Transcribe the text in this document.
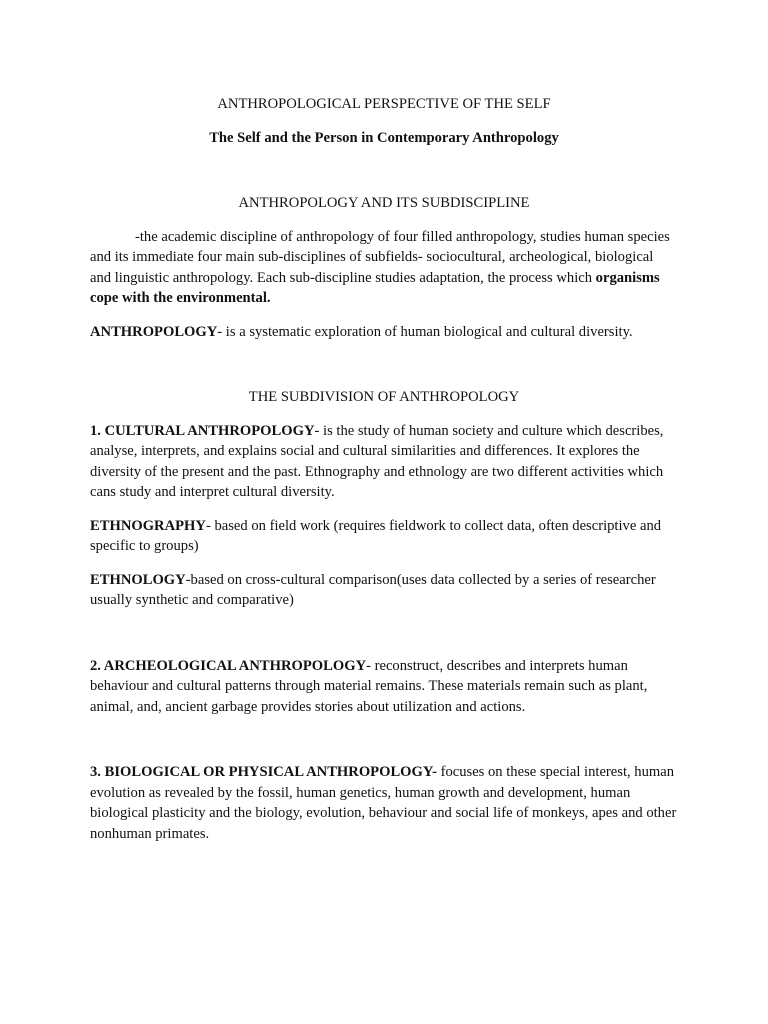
ANTHROPOLOGICAL PERSPECTIVE OF THE SELF

The Self and the Person in Contemporary Anthropology

ANTHROPOLOGY AND ITS SUBDISCIPLINE

-the academic discipline of anthropology of four filled anthropology, studies human species and its immediate four main sub-disciplines of subfields- sociocultural, archeological, biological and linguistic anthropology. Each sub-discipline studies adaptation, the process which organisms cope with the environmental.

ANTHROPOLOGY- is a systematic exploration of human biological and cultural diversity.

THE SUBDIVISION OF ANTHROPOLOGY

1. CULTURAL ANTHROPOLOGY- is the study of human society and culture which describes, analyse, interprets, and explains social and cultural similarities and differences. It explores the diversity of the present and the past. Ethnography and ethnology are two different activities which cans study and interpret cultural diversity.

ETHNOGRAPHY- based on field work (requires fieldwork to collect data, often descriptive and specific to groups)

ETHNOLOGY-based on cross-cultural comparison(uses data collected by a series of researcher usually synthetic and comparative)

2. ARCHEOLOGICAL ANTHROPOLOGY- reconstruct, describes and interprets human behaviour and cultural patterns through material remains. These materials remain such as plant, animal, and, ancient garbage provides stories about utilization and actions.

3. BIOLOGICAL OR PHYSICAL ANTHROPOLOGY- focuses on these special interest, human evolution as revealed by the fossil, human genetics, human growth and development, human biological plasticity and the biology, evolution, behaviour and social life of monkeys, apes and other nonhuman primates.
